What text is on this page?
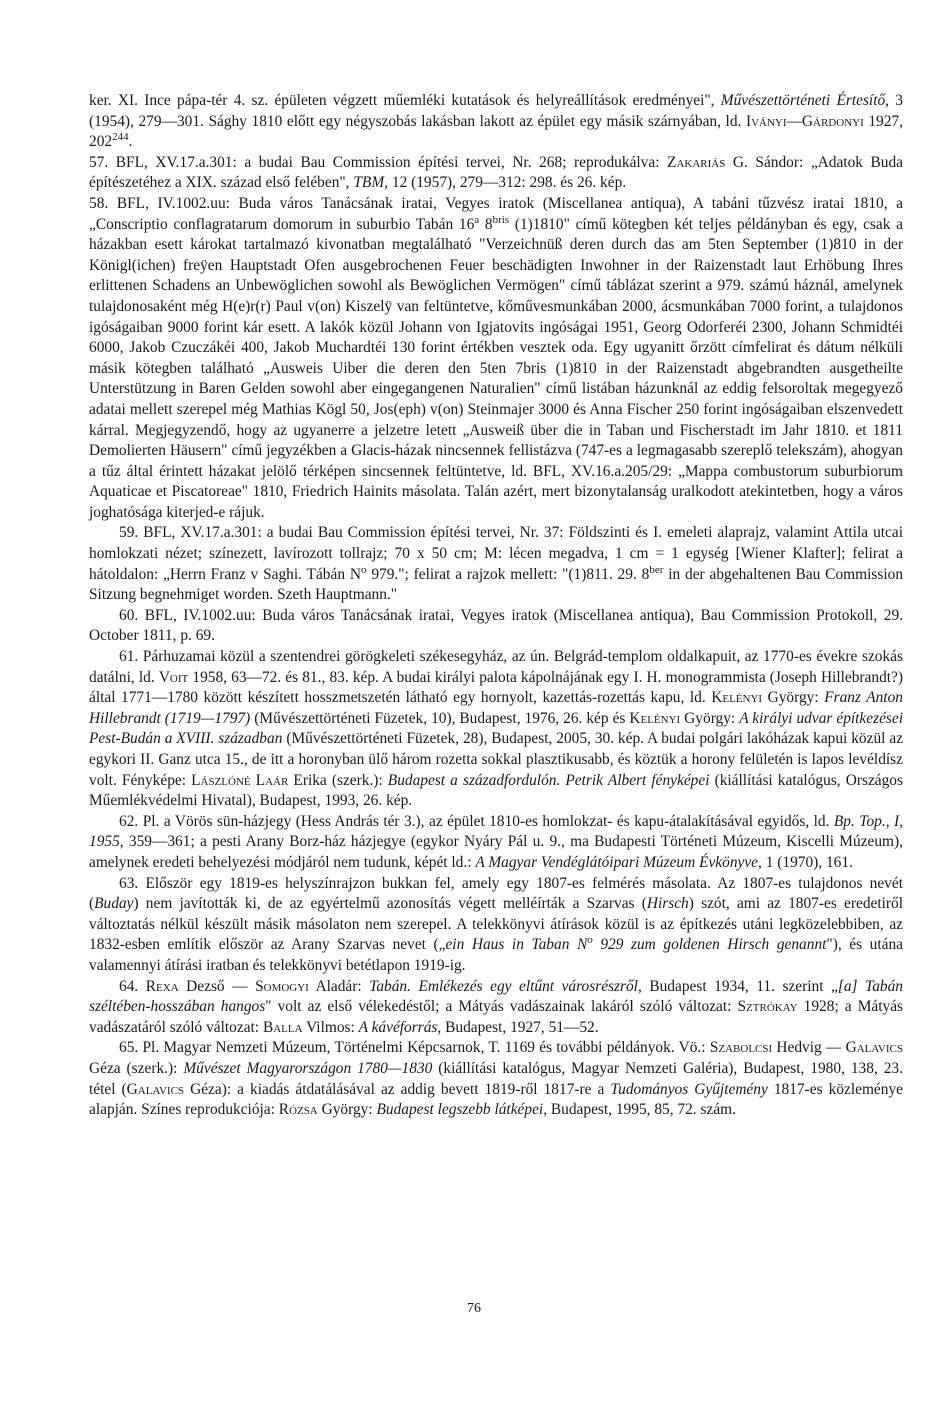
ker. XI. Ince pápa-tér 4. sz. épületen végzett műemléki kutatások és helyreállítások eredményei", Művészettörténeti Értesítő, 3 (1954), 279—301. Sághy 1810 előtt egy négyszobás lakásban lakott az épület egy másik szárnyában, ld. Iványi—Gárdonyi 1927, $202^{244}$.

57. BFL, XV.17.a.301: a budai Bau Commission építési tervei, Nr. 268; reprodukálva: Zakariás G. Sándor: „Adatok Buda építészetéhez a XIX. század első felében", TBM, 12 (1957), 279—312: 298. és 26. kép.

58. BFL, IV.1002.uu: Buda város Tanácsának iratai, Vegyes iratok (Miscellanea antiqua), A tabáni tűzvész iratai 1810, a „Conscriptio conflagratarum domorum in suburbio Tabán 16$^a$ $8^{bris}$ (1)1810" című kötegben két teljes példányban és egy, csak a házakban esett károkat tartalmazó kivonatban megtalálható "Verzeichnüß deren durch das am 5ten September (1)810 in der Königl(ichen) freÿen Hauptstadt Ofen ausgebrochenen Feuer beschädigten Inwohner in der Raizenstadt laut Erhöbung Ihres erlittenen Schadens an Unbewöglichen sowohl als Bewöglichen Vermögen" című táblázat szerint a 979. számú háznál, amelynek tulajdonosaként még H(e)r(r) Paul v(on) Kiszelÿ van feltüntetve, kőművesmunkában 2000, ácsmunkában 7000 forint, a tulajdonos igóságaiban 9000 forint kár esett. A lakók közül Johann von Igjatovits ingóságai 1951, Georg Odorferéi 2300, Johann Schmidtéi 6000, Jakob Czuczákéi 400, Jakob Muchardtéi 130 forint értékben vesztek oda. Egy ugyanitt őrzött címfelirat és dátum nélküli másik kötegben található „Ausweis Uiber die deren den 5ten 7bris (1)810 in der Raizenstadt abgebrandten ausgetheilte Unterstützung in Baren Gelden sowohl aber eingegangenen Naturalien" című listában házunknál az eddig felsoroltak megegyező adatai mellett szerepel még Mathias Kögl 50, Jos(eph) v(on) Steinmajer 3000 és Anna Fischer 250 forint ingóságaiban elszenvedett kárral. Megjegyzendő, hogy az ugyanerre a jelzetre letett „Ausweiß über die in Taban und Fischerstadt im Jahr 1810. et 1811 Demolierten Häusern" című jegyzékben a Glacis-házak nincsennek fellistázva (747-es a legmagasabb szereplő telekszám), ahogyan a tűz által érintett házakat jelölő térképen sincsennek feltüntetve, ld. BFL, XV.16.a.205/29: „Mappa combustorum suburbiorum Aquaticae et Piscatoreae" 1810, Friedrich Hainits másolata. Talán azért, mert bizonytalanság uralkodott atekintetben, hogy a város joghatósága kiterjed-e rájuk.

59. BFL, XV.17.a.301: a budai Bau Commission építési tervei, Nr. 37: Földszinti és I. emeleti alaprajz, valamint Attila utcai homlokzati nézet; színezett, lavírozott tollrajz; 70 x 50 cm; M: lécen megadva, 1 cm = 1 egység [Wiener Klafter]; felirat a hátoldalon: „Herrn Franz v Saghi. Tábán $N^o$ 979."; felirat a rajzok mellett: "(1)811. 29. $8^{ber}$ in der abgehaltenen Bau Commission Sitzung begnehmiget worden. Szeth Hauptmann."

60. BFL, IV.1002.uu: Buda város Tanácsának iratai, Vegyes iratok (Miscellanea antiqua), Bau Commission Protokoll, 29. October 1811, p. 69.

61. Párhuzamai közül a szentendrei görögkeleti székesegyház, az ún. Belgrád-templom oldalkapuit, az 1770-es évekre szokás datálni, ld. Voit 1958, 63—72. és 81., 83. kép. A budai királyi palota kápolnájának egy I. H. monogrammista (Joseph Hillebrandt?) által 1771—1780 között készített hosszmetszetén látható egy hornyolt, kazettás-rozettás kapu, ld. Kelényi György: Franz Anton Hillebrandt (1719—1797) (Művészettörténeti Füzetek, 10), Budapest, 1976, 26. kép és Kelényi György: A királyi udvar építkezései Pest-Budán a XVIII. században (Művészettörténeti Füzetek, 28), Budapest, 2005, 30. kép. A budai polgári lakóházak kapui közül az egykori II. Ganz utca 15., de itt a horonyban ülő három rozetta sokkal plasztikusabb, és köztük a horony felületén is lapos levéldísz volt. Fényképe: Lászlóné Laár Erika (szerk.): Budapest a századfordulón. Petrik Albert fényképei (kiállítási katalógus, Országos Műemlékvédelmi Hivatal), Budapest, 1993, 26. kép.

62. Pl. a Vörös sün-házjegy (Hess András tér 3.), az épület 1810-es homlokzat- és kapu-átalakításával egyidős, ld. Bp. Top., I, 1955, 359—361; a pesti Arany Borz-ház házjegye (egykor Nyáry Pál u. 9., ma Budapesti Történeti Múzeum, Kiscelli Múzeum), amelynek eredeti behelyezési módjáról nem tudunk, képét ld.: A Magyar Vendéglátóipari Múzeum Évkönyve, 1 (1970), 161.

63. Először egy 1819-es helyszínrajzon bukkan fel, amely egy 1807-es felmérés másolata. Az 1807-es tulajdonos nevét (Buday) nem javították ki, de az egyértelmű azonosítás végett melléírták a Szarvas (Hirsch) szót, ami az 1807-es eredetiről változtatás nélkül készült másik másolaton nem szerepel. A telekkönyvi átírások közül is az építkezés utáni legközelebbiben, az 1832-esben említik először az Arany Szarvas nevet („ein Haus in Taban $N^o$ 929 zum goldenen Hirsch genannt"), és utána valamennyi átírási iratban és telekkönyvi betétlapon 1919-ig.

64. Rexa Dezső — Somogyi Aladár: Tabán. Emlékezés egy eltűnt városrészről, Budapest 1934, 11. szerint „[a] Tabán széltében-hosszában hangos" volt az első vélekedéstől; a Mátyás vadászainak lakáról szóló változat: Sztrókay 1928; a Mátyás vadászatáról szóló változat: Balla Vilmos: A kávéforrás, Budapest, 1927, 51—52.

65. Pl. Magyar Nemzeti Múzeum, Történelmi Képcsarnok, T. 1169 és további példányok. Vö.: Szabolcsi Hedvig — Galavics Géza (szerk.): Művészet Magyarországon 1780—1830 (kiállítási katalógus, Magyar Nemzeti Galéria), Budapest, 1980, 138, 23. tétel (Galavics Géza): a kiadás átdatálásával az addig bevett 1819-ről 1817-re a Tudományos Gyűjtemény 1817-es közleménye alapján. Színes reprodukciója: Rózsa György: Budapest legszebb látképei, Budapest, 1995, 85, 72. szám.

76
